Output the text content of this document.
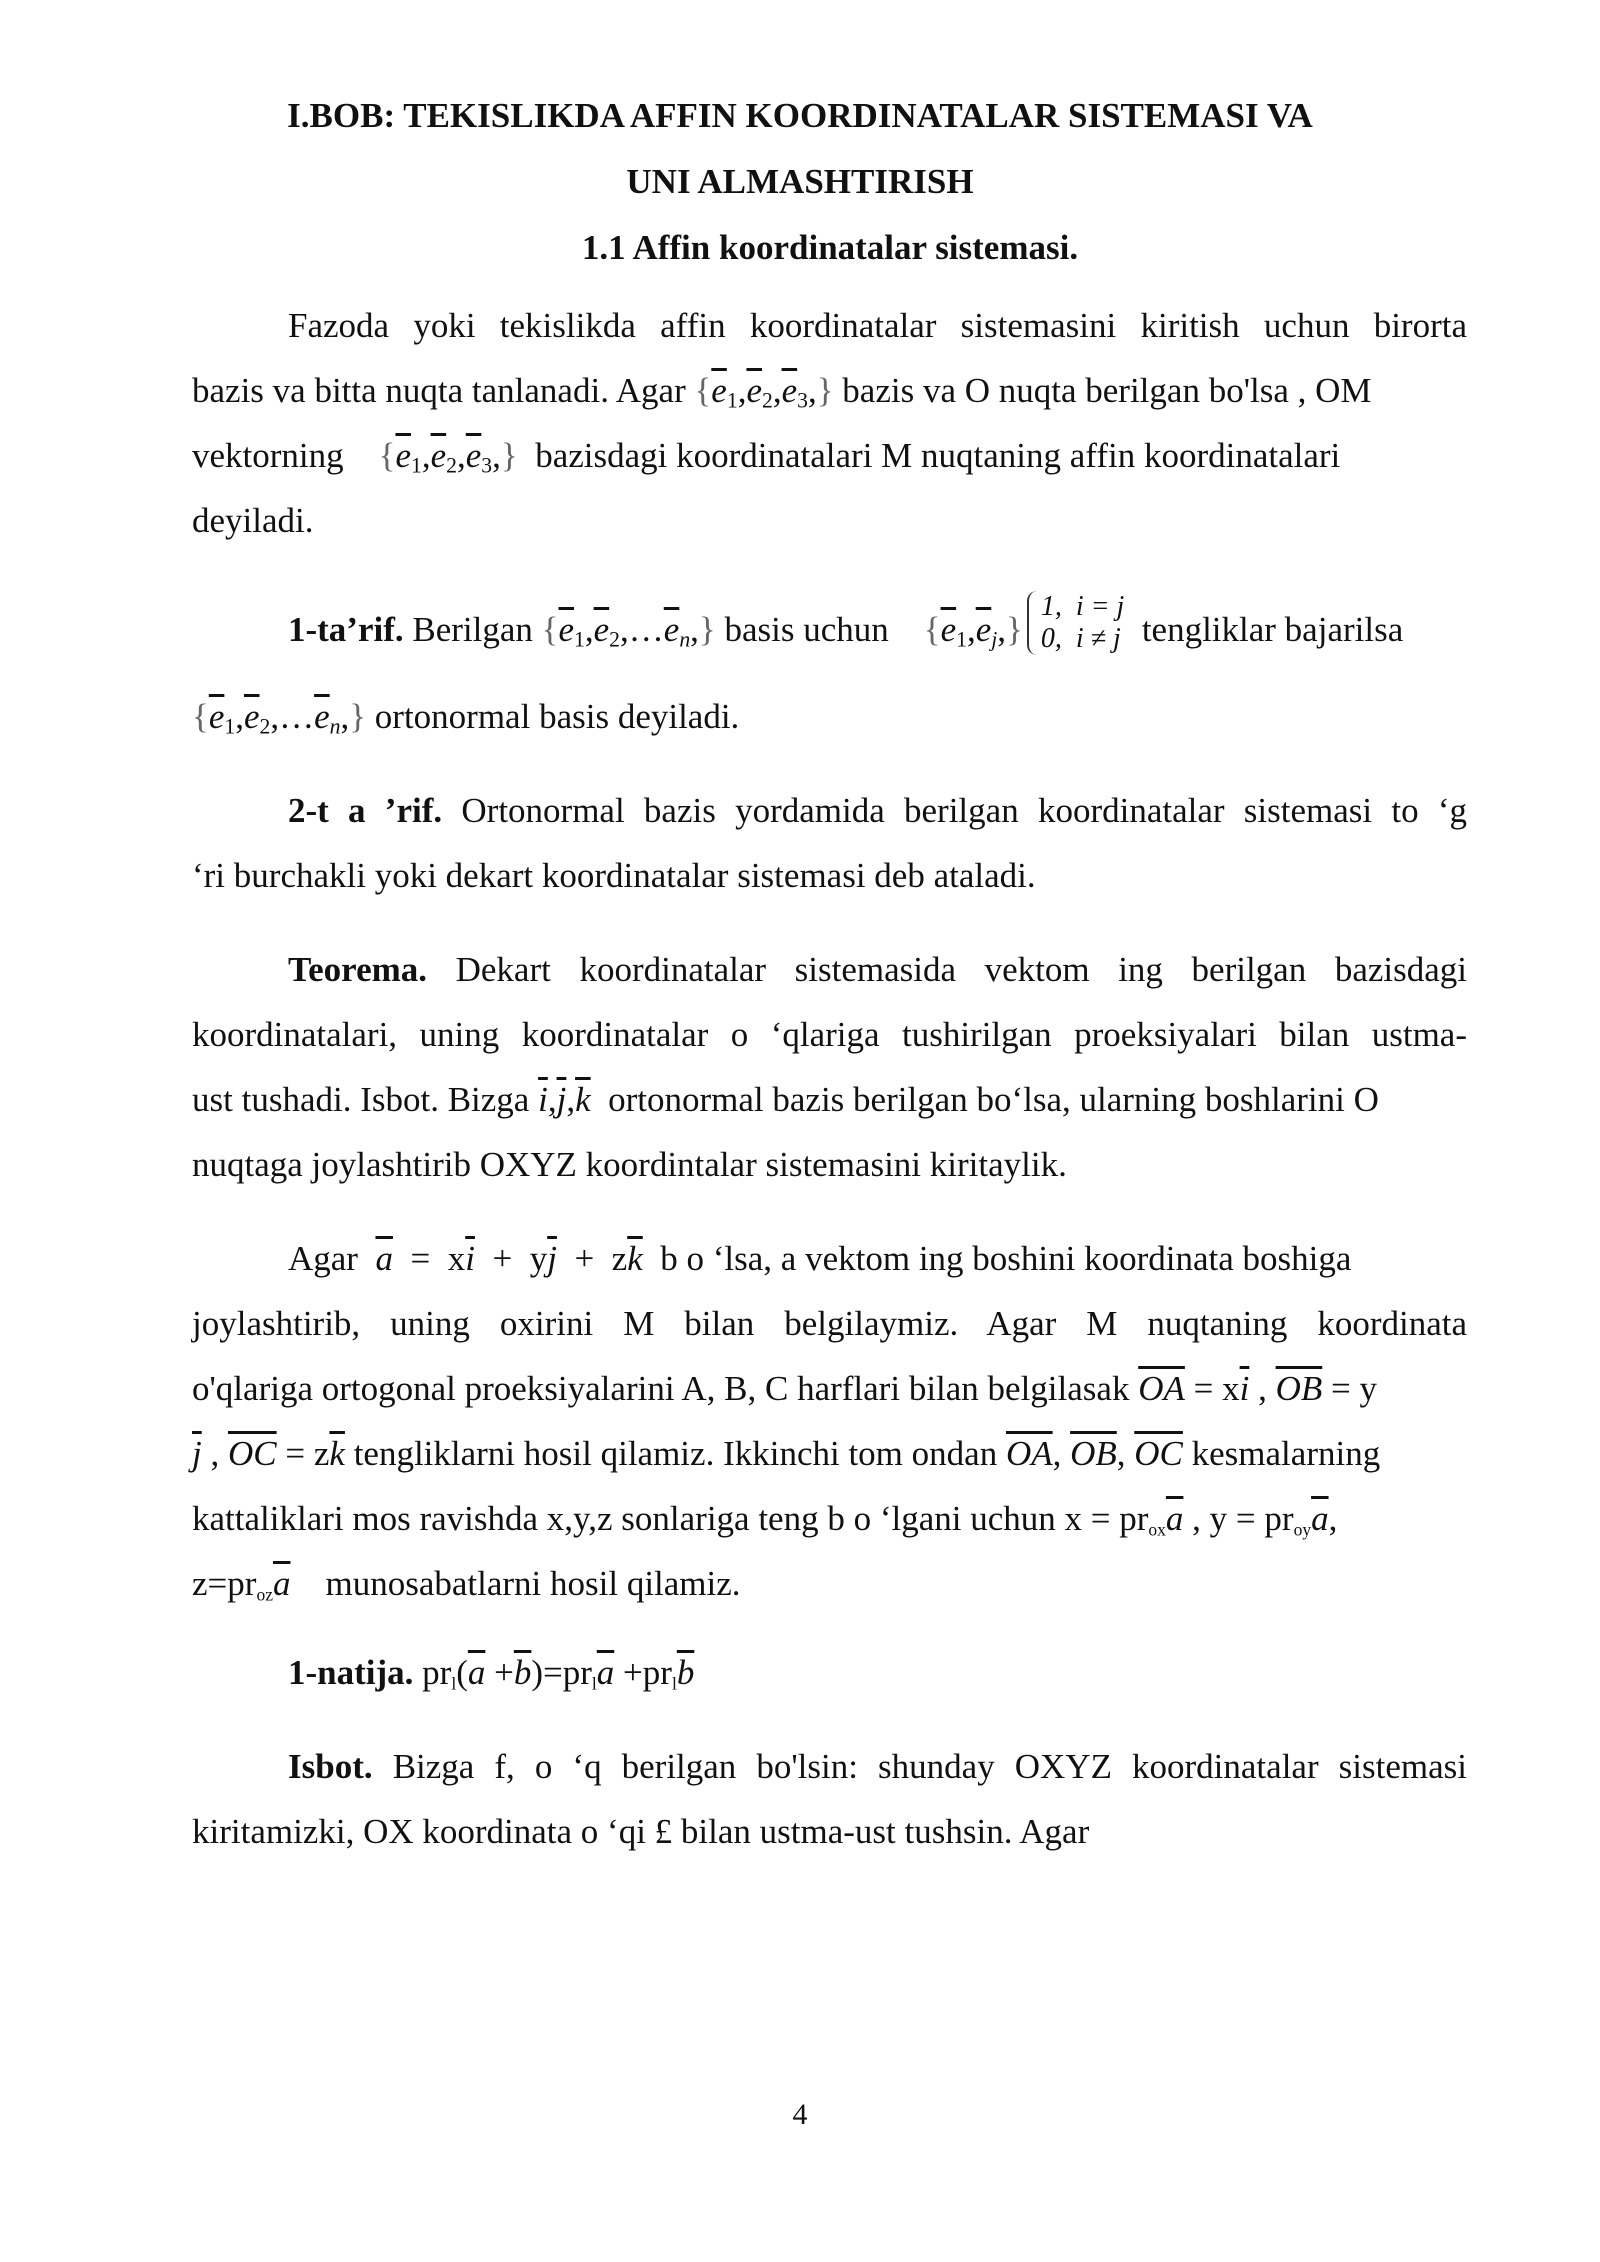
I.BOB: TEKISLIKDA AFFIN KOORDINATALAR SISTEMASI VA
UNI ALMASHTIRISH
1.1 Affin koordinatalar sistemasi.
Fazoda yoki tekislikda affin koordinatalar sistemasini kiritish uchun birorta
bazis va bitta nuqta tanlanadi. Agar $\{\overline{e}_1,\overline{e}_2,\overline{e}_3,\}$ bazis va O nuqta berilgan bo'lsa , OM
vektorning $\{\overline{e}_1,\overline{e}_2,\overline{e}_3,\}$ bazisdagi koordinatalari M nuqtaning affin koordinatalari
deyiladi.
1-ta’rif. Berilgan $\{\overline{e}_1,\overline{e}_2,\dots\overline{e}_n,\}$ basis uchun $\{\overline{e}_1,\overline{e}_j,\}1$,  i = j
0,  i ≠ j tengliklar bajarilsa
$\{\overline{e}_1,\overline{e}_2,\dots\overline{e}_n,\}$ ortonormal basis deyiladi.
2-t a ’rif. Ortonormal bazis yordamida berilgan koordinatalar sistemasi to ‘g
‘ri burchakli yoki dekart koordinatalar sistemasi deb ataladi.
Teorema. Dekart koordinatalar sistemasida vektom ing berilgan bazisdagi
koordinatalari, uning koordinatalar o ‘qlariga tushirilgan proeksiyalari bilan ustma-
ust tushadi. Isbot. Bizga $\overline{i},\overline{j},\overline{k}$ ortonormal bazis berilgan bo‘lsa, ularning boshlarini O
nuqtaga joylashtirib OXYZ koordintalar sistemasini kiritaylik.
Agar $\overline{a} = x\overline{i} + y\overline{j} + z\overline{k}$ b o ‘lsa, a vektom ing boshini koordinata boshiga
joylashtirib, uning oxirini M bilan belgilaymiz. Agar M nuqtaning koordinata
o'qlariga ortogonal proeksiyalarini A, B, C harflari bilan belgilasak $\overline{OA} = x\overline{i}$ , $\overline{OB} = y$
$\overline{j}$ , $\overline{OC} = z\overline{k}$ tengliklarni hosil qilamiz. Ikkinchi tom ondan $\overline{OA}$, $\overline{OB}$, $\overline{OC}$ kesmalarning
kattaliklari mos ravishda x,y,z sonlariga teng b o ‘lgani uchun $x = prox\overline{a}$ , $y = proy\overline{a}$,
$z=proz\overline{a}$ munosabatlarni hosil qilamiz.
1-natija. $prl(\overline{a} +\overline{b})=prl\overline{a} +prl\overline{b}$
Isbot. Bizga f, o ‘q berilgan bo'lsin: shunday OXYZ koordinatalar sistemasi
kiritamizki, OX koordinata o ‘qi £ bilan ustma-ust tushsin. Agar
4
